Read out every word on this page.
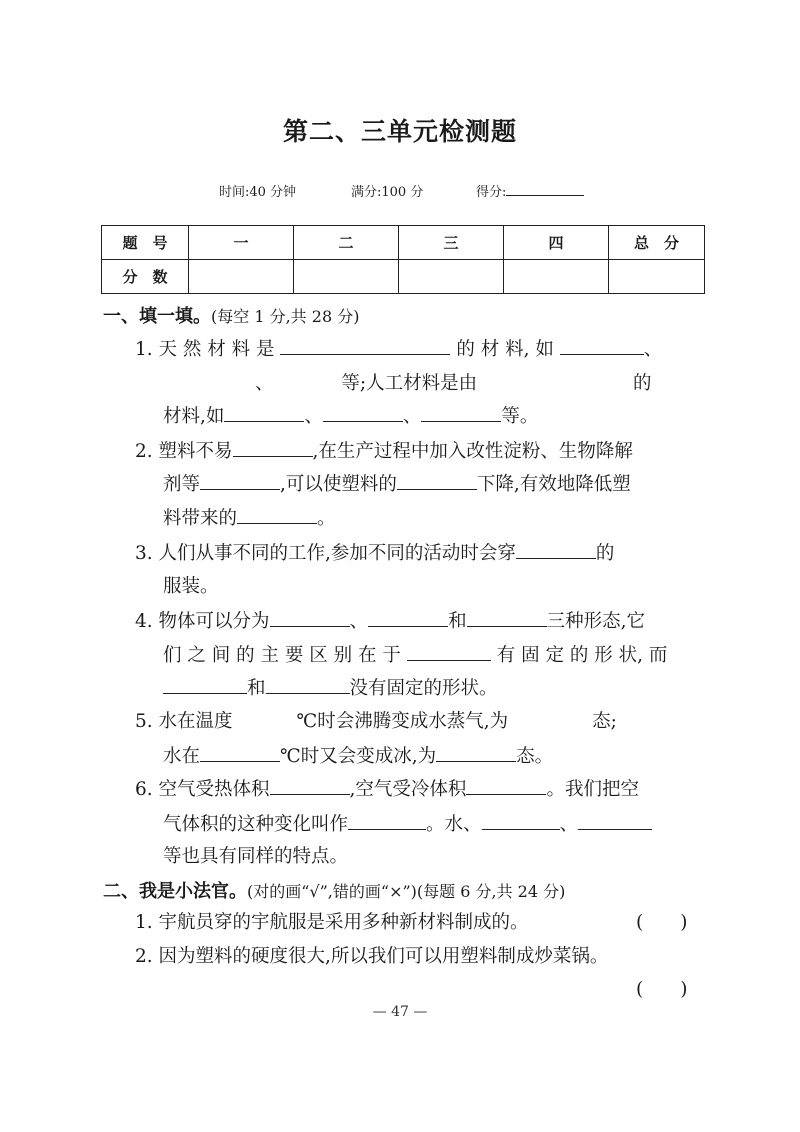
第二、三单元检测题
时间:40 分钟	满分:100 分	得分:
题　号	一	二	三	四	总　分
分　数					
一、填一填。(每空 1 分,共 28 分)
1. 天 然 材 料 是	的 材 料, 如	、
、	等;人工材料是由	的
材料,如	、	、	等。
2. 塑料不易	,在生产过程中加入改性淀粉、生物降解
剂等	,可以使塑料的	下降,有效地降低塑
料带来的	。
3. 人们从事不同的工作,参加不同的活动时会穿	的
服装。
4. 物体可以分为	、	和	三种形态,它
们 之 间 的 主 要 区 别 在 于	有 固 定 的 形 状, 而
和	没有固定的形状。
5. 水在温度	℃时会沸腾变成水蒸气,为	态;
水在	℃时又会变成冰,为	态。
6. 空气受热体积	,空气受冷体积	。我们把空
气体积的这种变化叫作	。水、	、
等也具有同样的特点。
二、我是小法官。(对的画“√”,错的画“×”)(每题 6 分,共 24 分)
1. 宇航员穿的宇航服是采用多种新材料制成的。	(　　)
2. 因为塑料的硬度很大,所以我们可以用塑料制成炒菜锅。
(　　)
— 47 —
